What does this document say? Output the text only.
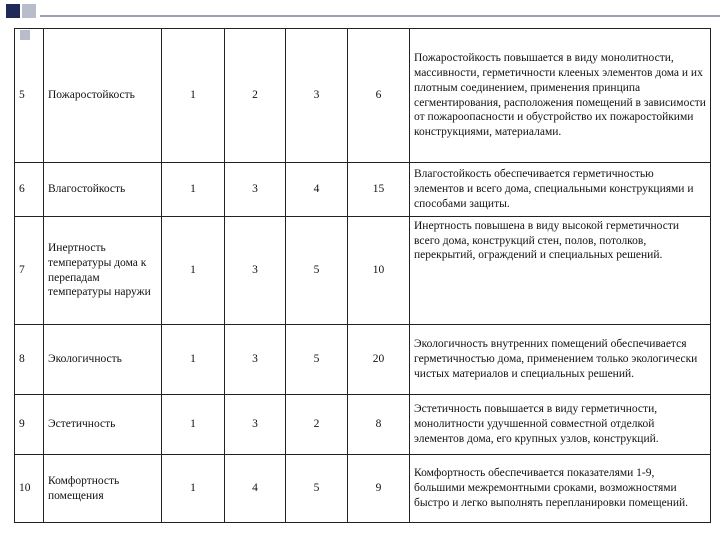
5	Пожаростойкость	1	2	3	6	Пожаростойкость повышается в виду монолитности, массивности, герметичности клееных элементов дома и их плотным соединением, применения принципа сегментирования, расположения помещений в зависимости от пожароопасности и обустройство их пожаростойкими конструкциями, материалами.
6	Влагостойкость	1	3	4	15	Влагостойкость обеспечивается герметичностью элементов и всего дома, специальными конструкциями и способами защиты.
7	Инертность температуры дома к перепадам температуры наружи	1	3	5	10	Инертность повышена в виду высокой герметичности всего дома, конструкций стен, полов, потолков, перекрытий, ограждений и специальных решений.
8	Экологичность	1	3	5	20	Экологичность внутренних помещений обеспечивается герметичностью дома, применением только экологически чистых материалов и специальных решений.
9	Эстетичность	1	3	2	8	Эстетичность повышается в виду герметичности, монолитности удучшенной совместной отделкой элементов дома, его крупных узлов, конструкций.
10	Комфортность помещения	1	4	5	9	Комфортность обеспечивается показателями 1-9, большими межремонтными сроками, возможностями быстро и легко выполнять перепланировки помещений.
